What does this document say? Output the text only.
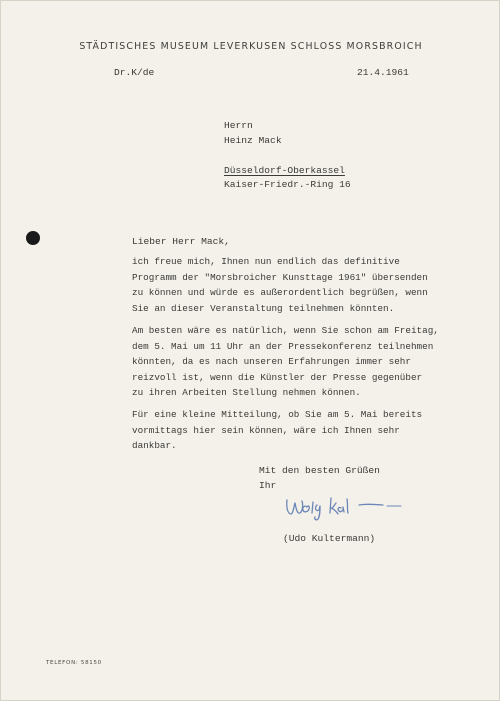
STÄDTISCHES MUSEUM LEVERKUSEN SCHLOSS MORSBROICH
Dr.K/de	21.4.1961
Herrn
Heinz Mack
Düsseldorf-Oberkassel
Kaiser-Friedr.-Ring 16
Lieber Herr Mack,
ich freue mich, Ihnen nun endlich das definitive
Programm der "Morsbroicher Kunsttage 1961" übersenden
zu können und würde es außerordentlich begrüßen, wenn
Sie an dieser Veranstaltung teilnehmen könnten.
Am besten wäre es natürlich, wenn Sie schon am Freitag,
dem 5. Mai um 11 Uhr an der Pressekonferenz teilnehmen
könnten, da es nach unseren Erfahrungen immer sehr
reizvoll ist, wenn die Künstler der Presse gegenüber
zu ihren Arbeiten Stellung nehmen können.
Für eine kleine Mitteilung, ob Sie am 5. Mai bereits
vormittags hier sein können, wäre ich Ihnen sehr
dankbar.
Mit den besten Grüßen
Ihr
(Udo Kultermann)
TELEFON: 58150
